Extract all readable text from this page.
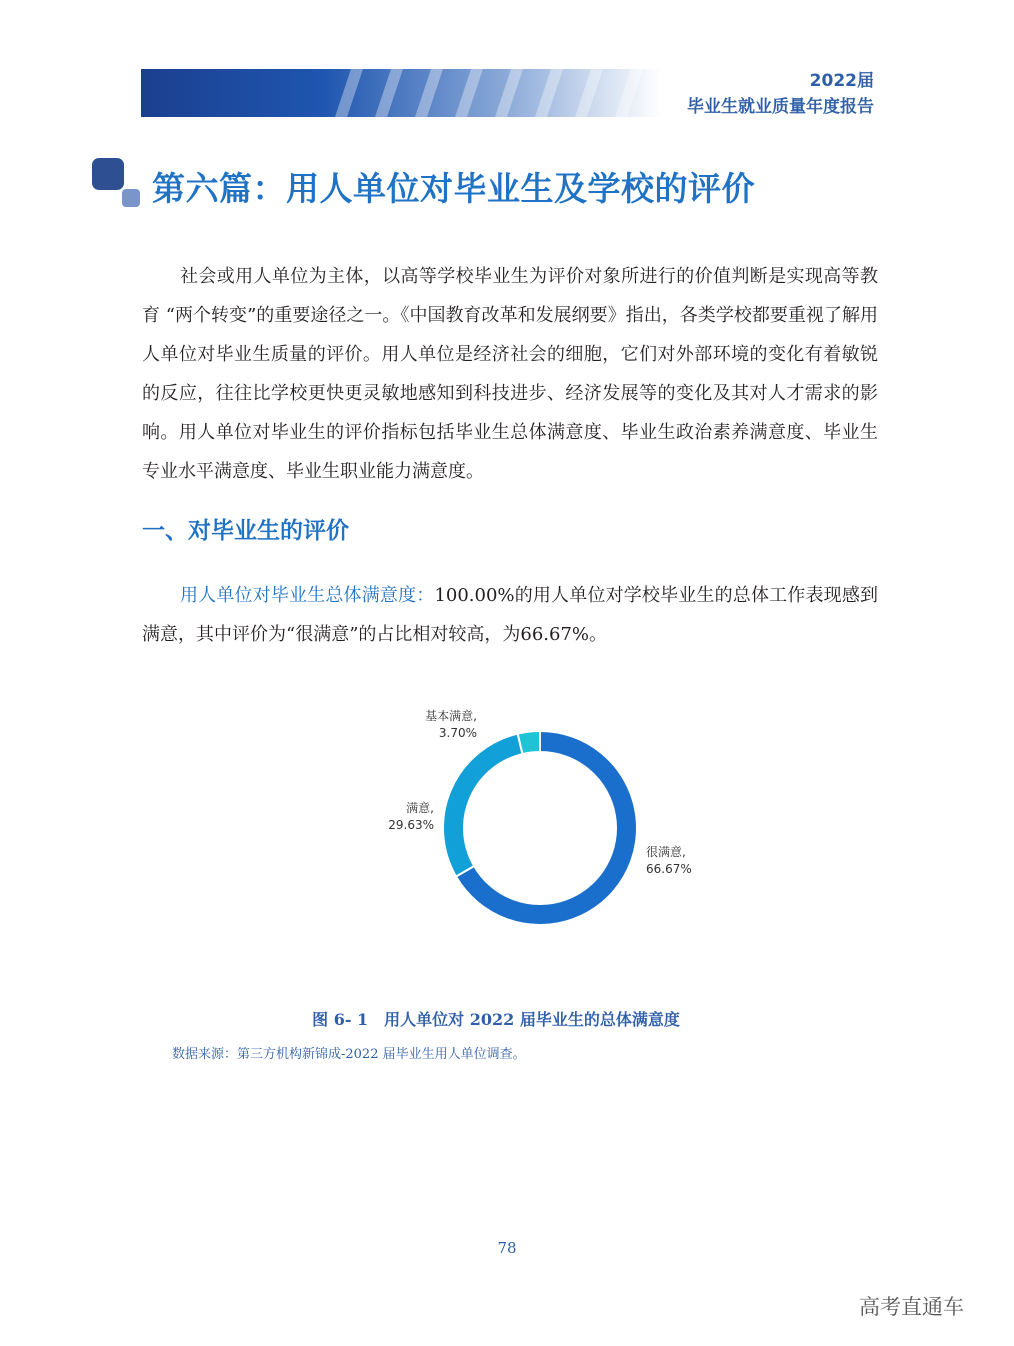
2022届
毕业生就业质量年度报告
第六篇：用人单位对毕业生及学校的评价

社会或用人单位为主体，以高等学校毕业生为评价对象所进行的价值判断是实现高等教育 “两个转变”的重要途径之一。《中国教育改革和发展纲要》指出，各类学校都要重视了解用人单位对毕业生质量的评价。用人单位是经济社会的细胞，它们对外部环境的变化有着敏锐的反应，往往比学校更快更灵敏地感知到科技进步、经济发展等的变化及其对人才需求的影响。用人单位对毕业生的评价指标包括毕业生总体满意度、毕业生政治素养满意度、毕业生专业水平满意度、毕业生职业能力满意度。

一、对毕业生的评价

用人单位对毕业生总体满意度：100.00%的用人单位对学校毕业生的总体工作表现感到满意，其中评价为“很满意”的占比相对较高，为66.67%。

很满意,
66.67%
满意,
29.63%
基本满意,
3.70%

图 6- 1　用人单位对 2022 届毕业生的总体满意度

数据来源：第三方机构新锦成-2022 届毕业生用人单位调查。

78

高考直通车
